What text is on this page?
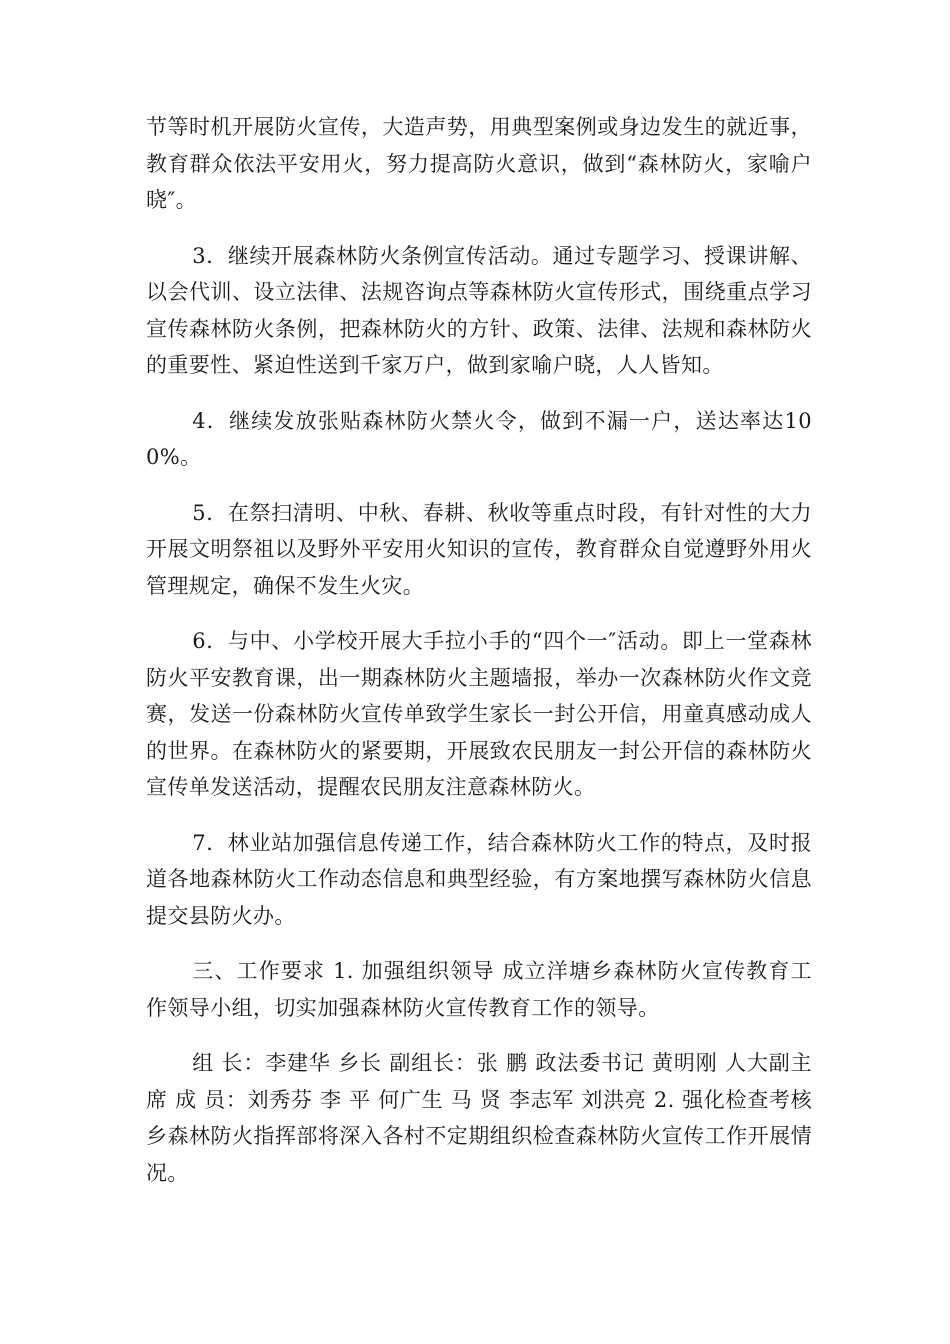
节等时机开展防火宣传，大造声势，用典型案例或身边发生的就近事，教育群众依法平安用火，努力提高防火意识，做到“森林防火，家喻户晓″。

3．继续开展森林防火条例宣传活动。通过专题学习、授课讲解、以会代训、设立法律、法规咨询点等森林防火宣传形式，围绕重点学习宣传森林防火条例，把森林防火的方针、政策、法律、法规和森林防火的重要性、紧迫性送到千家万户，做到家喻户晓，人人皆知。

4．继续发放张贴森林防火禁火令，做到不漏一户，送达率达100%。

5．在祭扫清明、中秋、春耕、秋收等重点时段，有针对性的大力开展文明祭祖以及野外平安用火知识的宣传，教育群众自觉遵野外用火管理规定，确保不发生火灾。

6．与中、小学校开展大手拉小手的“四个一″活动。即上一堂森林防火平安教育课，出一期森林防火主题墙报，举办一次森林防火作文竞赛，发送一份森林防火宣传单致学生家长一封公开信，用童真感动成人的世界。在森林防火的紧要期，开展致农民朋友一封公开信的森林防火宣传单发送活动，提醒农民朋友注意森林防火。

7．林业站加强信息传递工作，结合森林防火工作的特点，及时报道各地森林防火工作动态信息和典型经验，有方案地撰写森林防火信息提交县防火办。

三、工作要求 1. 加强组织领导 成立洋塘乡森林防火宣传教育工作领导小组，切实加强森林防火宣传教育工作的领导。

组 长：李建华 乡长 副组长：张 鹏 政法委书记 黄明刚 人大副主席 成 员：刘秀芬 李 平 何广生 马 贤 李志军 刘洪亮 2. 强化检查考核 乡森林防火指挥部将深入各村不定期组织检查森林防火宣传工作开展情况。
